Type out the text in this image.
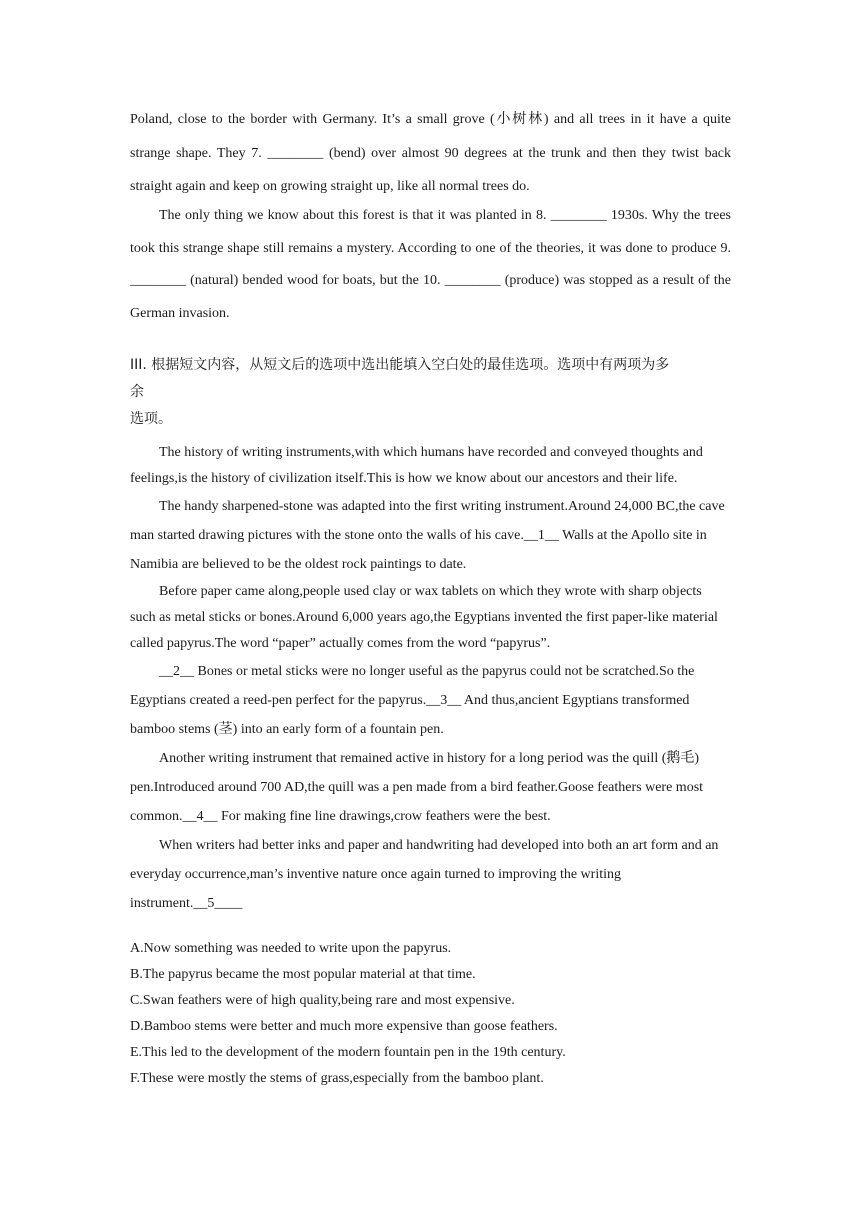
Poland, close to the border with Germany. It’s a small grove (小树林) and all trees in it have a quite strange shape. They 7. ________ (bend) over almost 90 degrees at the trunk and then they twist back straight again and keep on growing straight up, like all normal trees do.

The only thing we know about this forest is that it was planted in 8. ________ 1930s. Why the trees took this strange shape still remains a mystery. According to one of the theories, it was done to produce 9. ________ (natural) bended wood for boats, but the 10. ________ (produce) was stopped as a result of the German invasion.

III. 根据短文内容，从短文后的选项中选出能填入空白处的最佳选项。选项中有两项为多
余
选项。

The history of writing instruments,with which humans have recorded and conveyed thoughts and feelings,is the history of civilization itself.This is how we know about our ancestors and their life.

The handy sharpened-stone was adapted into the first writing instrument.Around 24,000 BC,the cave man started drawing pictures with the stone onto the walls of his cave.__1__ Walls at the Apollo site in Namibia are believed to be the oldest rock paintings to date.

Before paper came along,people used clay or wax tablets on which they wrote with sharp objects such as metal sticks or bones.Around 6,000 years ago,the Egyptians invented the first paper-like material called papyrus.The word “paper” actually comes from the word “papyrus”.

__2__ Bones or metal sticks were no longer useful as the papyrus could not be scratched.So the Egyptians created a reed-pen perfect for the papyrus.__3__ And thus,ancient Egyptians transformed bamboo stems (茎) into an early form of a fountain pen.

Another writing instrument that remained active in history for a long period was the quill (鹅毛) pen.Introduced around 700 AD,the quill was a pen made from a bird feather.Goose feathers were most common.__4__ For making fine line drawings,crow feathers were the best.

When writers had better inks and paper and handwriting had developed into both an art form and an everyday occurrence,man’s inventive nature once again turned to improving the writing instrument.__5____

A.Now something was needed to write upon the papyrus.
B.The papyrus became the most popular material at that time.
C.Swan feathers were of high quality,being rare and most expensive.
D.Bamboo stems were better and much more expensive than goose feathers.
E.This led to the development of the modern fountain pen in the 19th century.
F.These were mostly the stems of grass,especially from the bamboo plant.
